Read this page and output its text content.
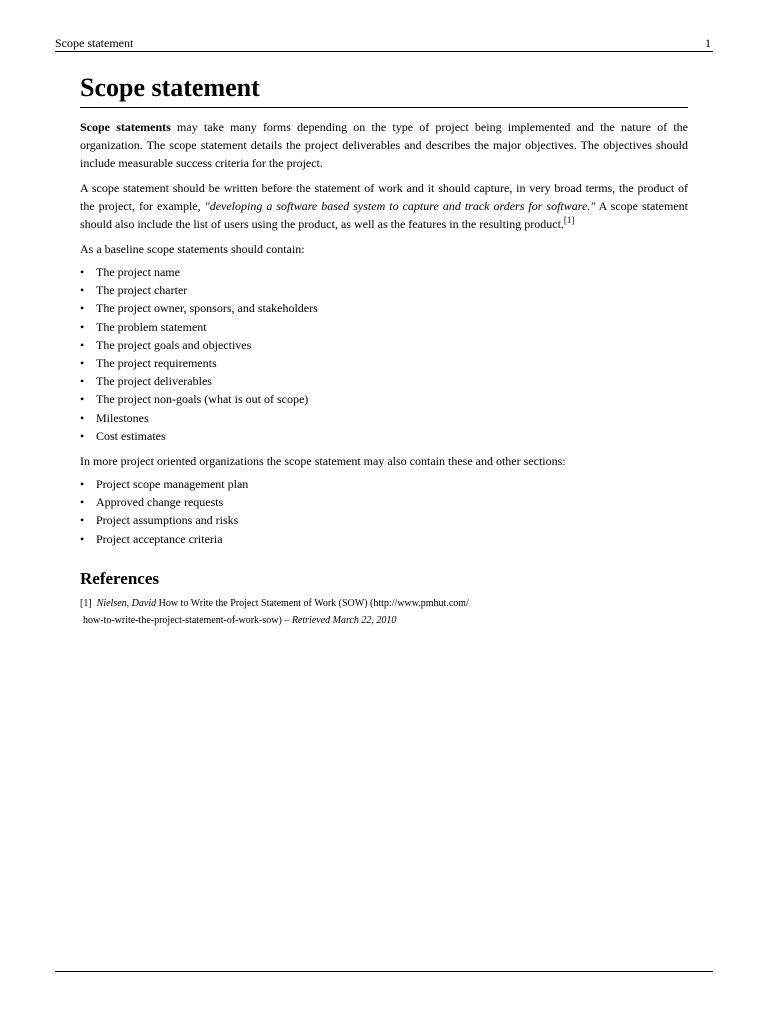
Scope statement	1
Scope statement

Scope statements may take many forms depending on the type of project being implemented and the nature of the organization. The scope statement details the project deliverables and describes the major objectives. The objectives should include measurable success criteria for the project.

A scope statement should be written before the statement of work and it should capture, in very broad terms, the product of the project, for example, "developing a software based system to capture and track orders for software." A scope statement should also include the list of users using the product, as well as the features in the resulting product.[1]

As a baseline scope statements should contain:

• The project name
• The project charter
• The project owner, sponsors, and stakeholders
• The problem statement
• The project goals and objectives
• The project requirements
• The project deliverables
• The project non-goals (what is out of scope)
• Milestones
• Cost estimates

In more project oriented organizations the scope statement may also contain these and other sections:

• Project scope management plan
• Approved change requests
• Project assumptions and risks
• Project acceptance criteria
References
[1] Nielsen, David How to Write the Project Statement of Work (SOW) (http://www.pmhut.com/
how-to-write-the-project-statement-of-work-sow) – Retrieved March 22, 2010
